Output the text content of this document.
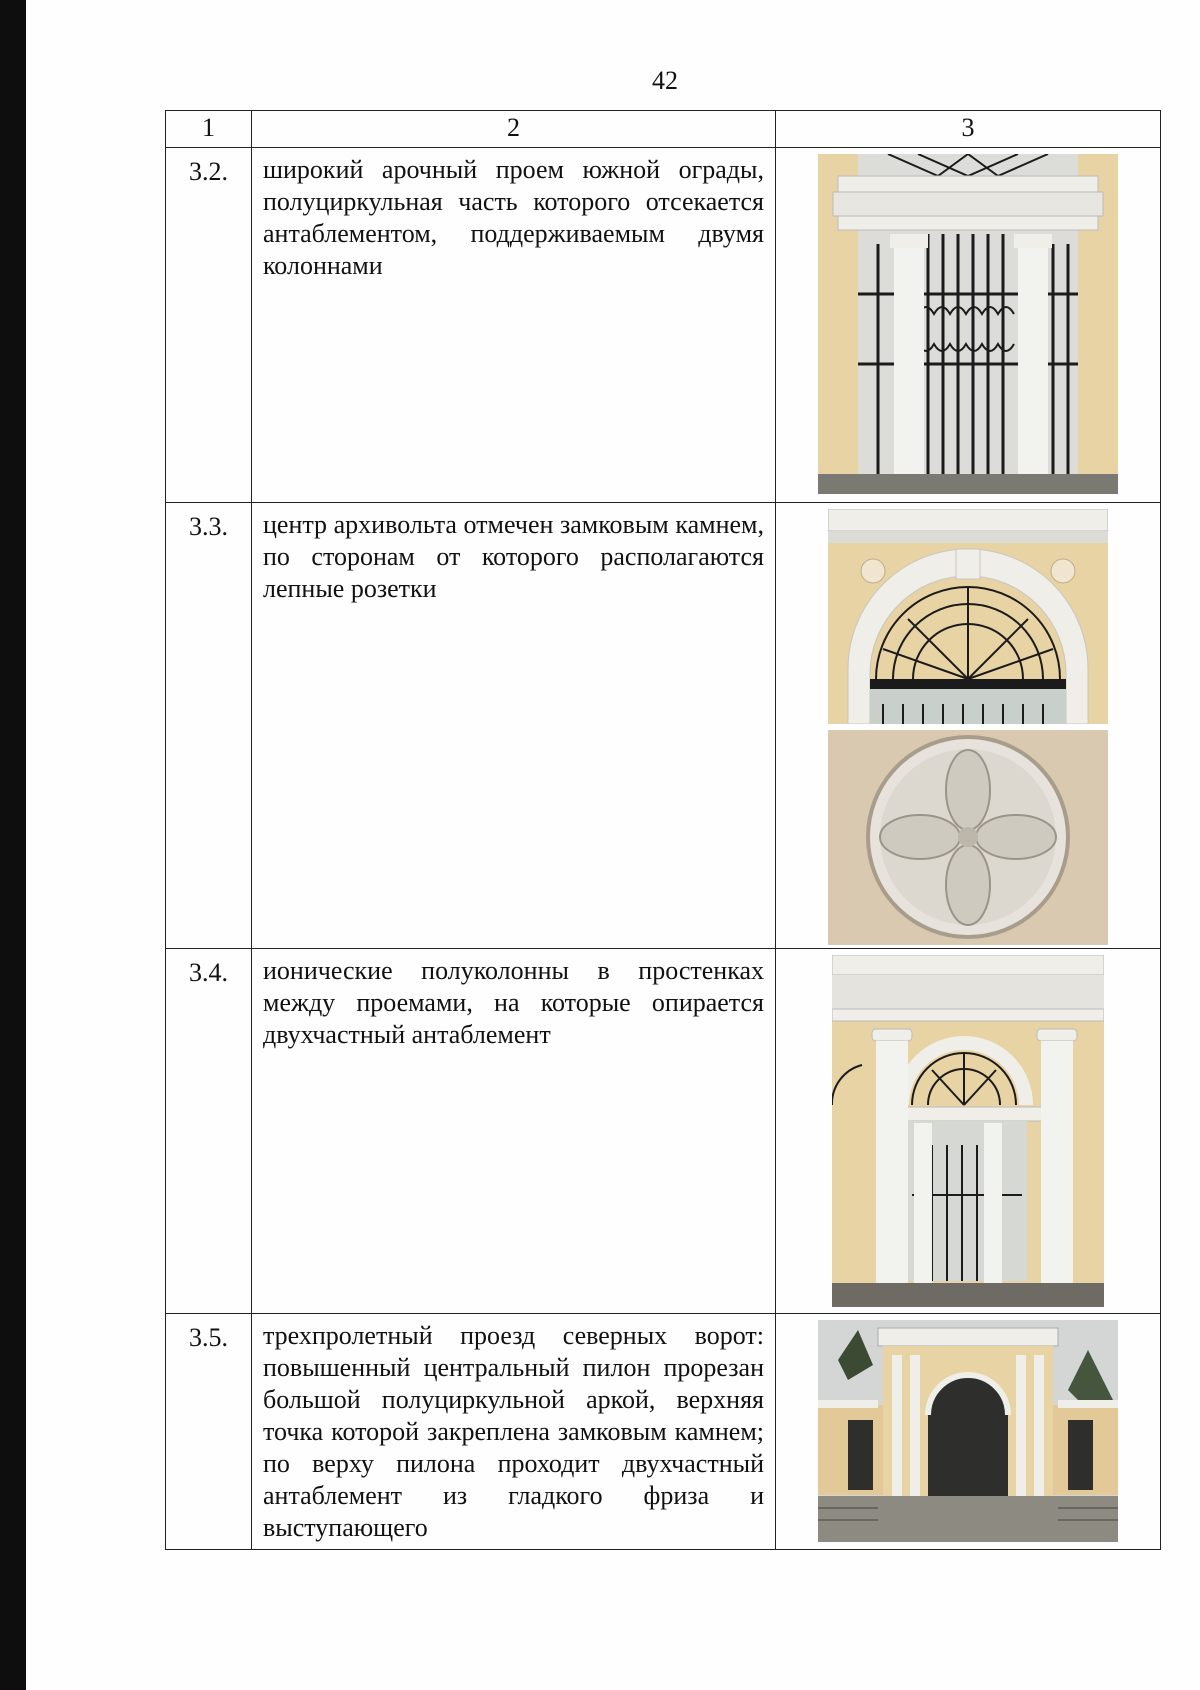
42
1	2	3
3.2.	широкий арочный проем южной ограды, полуциркульная часть которого отсекается антаблементом, поддерживаемым двумя колоннами	

3.3.	центр архивольта отмечен замковым камнем, по сторонам от которого располагаются лепные розетки	

3.4.	ионические полуколонны в простенках между проемами, на которые опирается двухчастный антаблемент	

3.5.	трехпролетный проезд северных ворот: повышенный центральный пилон прорезан большой полуциркульной аркой, верхняя точка которой закреплена замковым камнем; по верху пилона проходит двухчастный антаблемент из гладкого фриза и выступающего	
